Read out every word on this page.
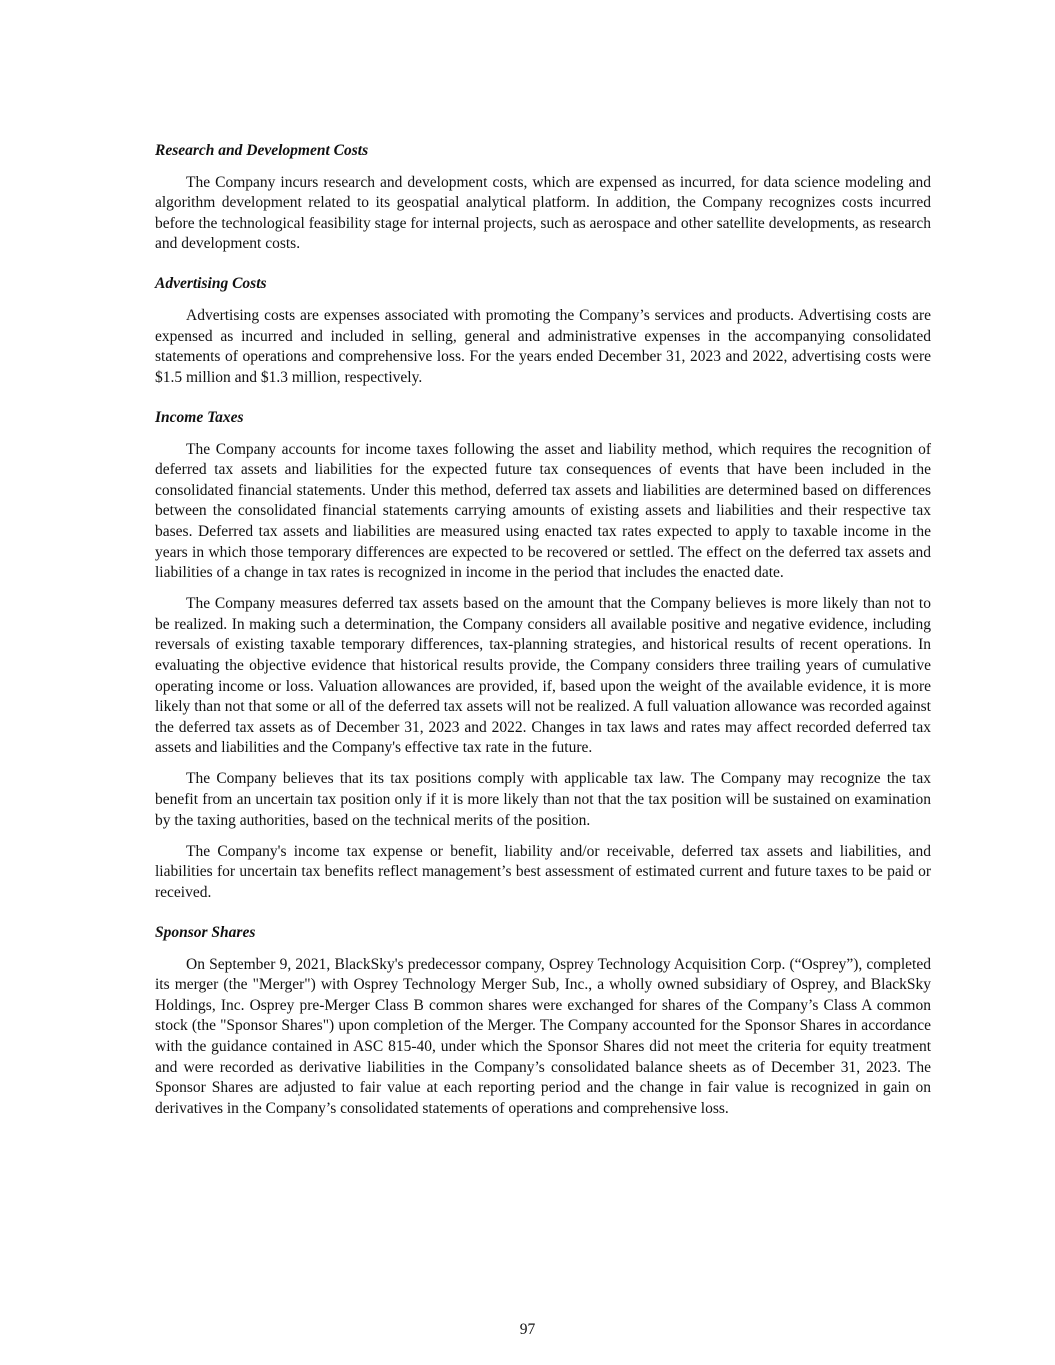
Research and Development Costs

The Company incurs research and development costs, which are expensed as incurred, for data science modeling and algorithm development related to its geospatial analytical platform. In addition, the Company recognizes costs incurred before the technological feasibility stage for internal projects, such as aerospace and other satellite developments, as research and development costs.

Advertising Costs

Advertising costs are expenses associated with promoting the Company’s services and products. Advertising costs are expensed as incurred and included in selling, general and administrative expenses in the accompanying consolidated statements of operations and comprehensive loss. For the years ended December 31, 2023 and 2022, advertising costs were $1.5 million and $1.3 million, respectively.

Income Taxes

The Company accounts for income taxes following the asset and liability method, which requires the recognition of deferred tax assets and liabilities for the expected future tax consequences of events that have been included in the consolidated financial statements. Under this method, deferred tax assets and liabilities are determined based on differences between the consolidated financial statements carrying amounts of existing assets and liabilities and their respective tax bases. Deferred tax assets and liabilities are measured using enacted tax rates expected to apply to taxable income in the years in which those temporary differences are expected to be recovered or settled. The effect on the deferred tax assets and liabilities of a change in tax rates is recognized in income in the period that includes the enacted date.

The Company measures deferred tax assets based on the amount that the Company believes is more likely than not to be realized. In making such a determination, the Company considers all available positive and negative evidence, including reversals of existing taxable temporary differences, tax-planning strategies, and historical results of recent operations. In evaluating the objective evidence that historical results provide, the Company considers three trailing years of cumulative operating income or loss. Valuation allowances are provided, if, based upon the weight of the available evidence, it is more likely than not that some or all of the deferred tax assets will not be realized. A full valuation allowance was recorded against the deferred tax assets as of December 31, 2023 and 2022. Changes in tax laws and rates may affect recorded deferred tax assets and liabilities and the Company's effective tax rate in the future.

The Company believes that its tax positions comply with applicable tax law. The Company may recognize the tax benefit from an uncertain tax position only if it is more likely than not that the tax position will be sustained on examination by the taxing authorities, based on the technical merits of the position.

The Company's income tax expense or benefit, liability and/or receivable, deferred tax assets and liabilities, and liabilities for uncertain tax benefits reflect management’s best assessment of estimated current and future taxes to be paid or received.

Sponsor Shares

On September 9, 2021, BlackSky's predecessor company, Osprey Technology Acquisition Corp. (“Osprey”), completed its merger (the "Merger") with Osprey Technology Merger Sub, Inc., a wholly owned subsidiary of Osprey, and BlackSky Holdings, Inc. Osprey pre-Merger Class B common shares were exchanged for shares of the Company’s Class A common stock (the "Sponsor Shares") upon completion of the Merger. The Company accounted for the Sponsor Shares in accordance with the guidance contained in ASC 815-40, under which the Sponsor Shares did not meet the criteria for equity treatment and were recorded as derivative liabilities in the Company’s consolidated balance sheets as of December 31, 2023. The Sponsor Shares are adjusted to fair value at each reporting period and the change in fair value is recognized in gain on derivatives in the Company’s consolidated statements of operations and comprehensive loss.

97
